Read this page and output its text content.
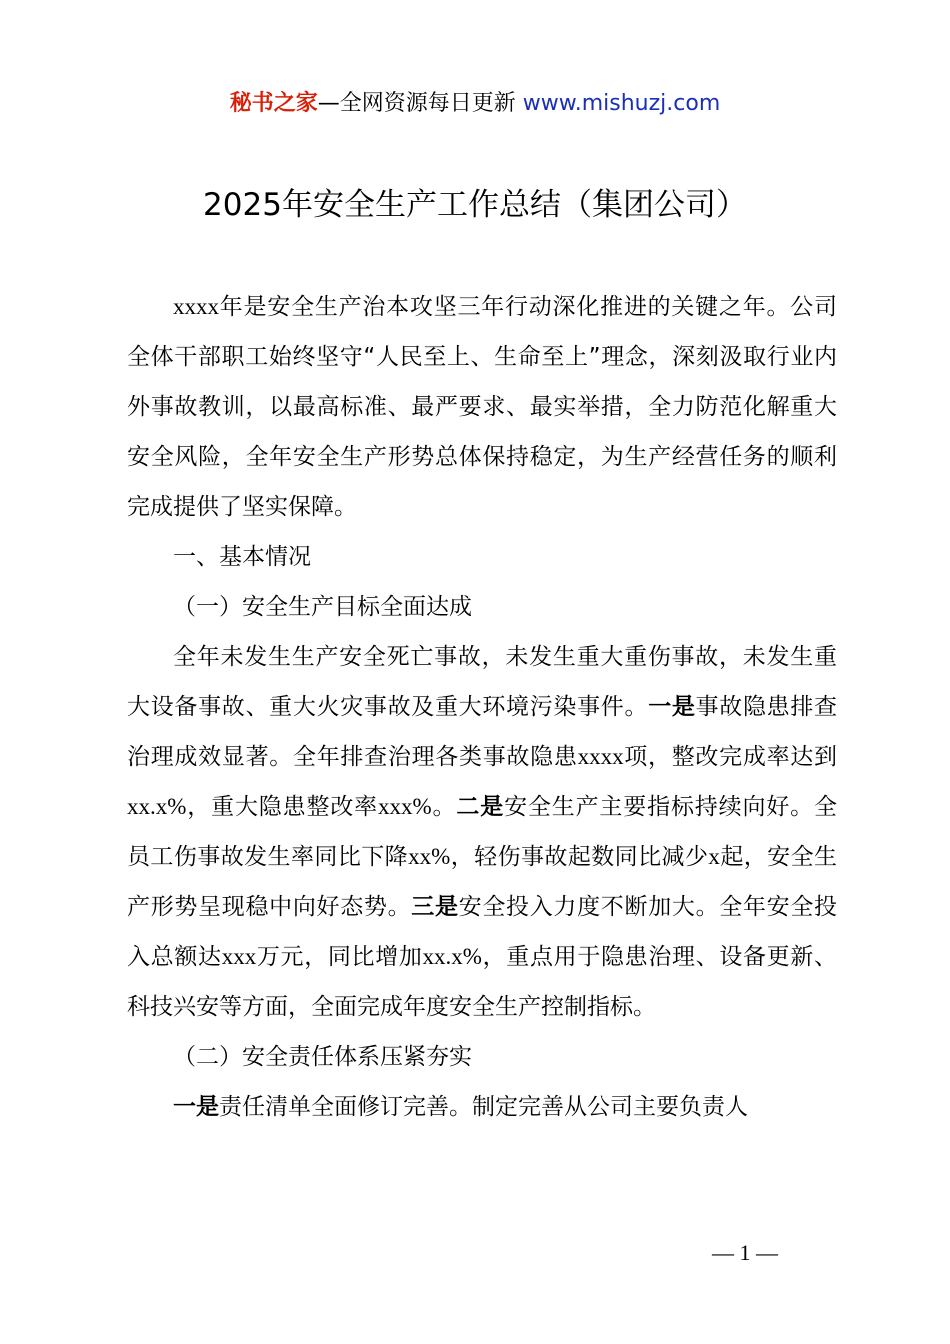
秘书之家—全网资源每日更新 www.mishuzj.com
2025年安全生产工作总结（集团公司）

xxxx年是安全生产治本攻坚三年行动深化推进的关键之年。公司全体干部职工始终坚守“人民至上、生命至上”理念，深刻汲取行业内外事故教训，以最高标准、最严要求、最实举措，全力防范化解重大安全风险，全年安全生产形势总体保持稳定，为生产经营任务的顺利完成提供了坚实保障。

一、基本情况

（一）安全生产目标全面达成

全年未发生生产安全死亡事故，未发生重大重伤事故，未发生重大设备事故、重大火灾事故及重大环境污染事件。一是事故隐患排查治理成效显著。全年排查治理各类事故隐患xxxx项，整改完成率达到xx.x%，重大隐患整改率xxx%。二是安全生产主要指标持续向好。全员工伤事故发生率同比下降xx%，轻伤事故起数同比减少x起，安全生产形势呈现稳中向好态势。三是安全投入力度不断加大。全年安全投入总额达xxx万元，同比增加xx.x%，重点用于隐患治理、设备更新、科技兴安等方面，全面完成年度安全生产控制指标。

（二）安全责任体系压紧夯实

一是责任清单全面修订完善。制定完善从公司主要负责人

— 1 —
